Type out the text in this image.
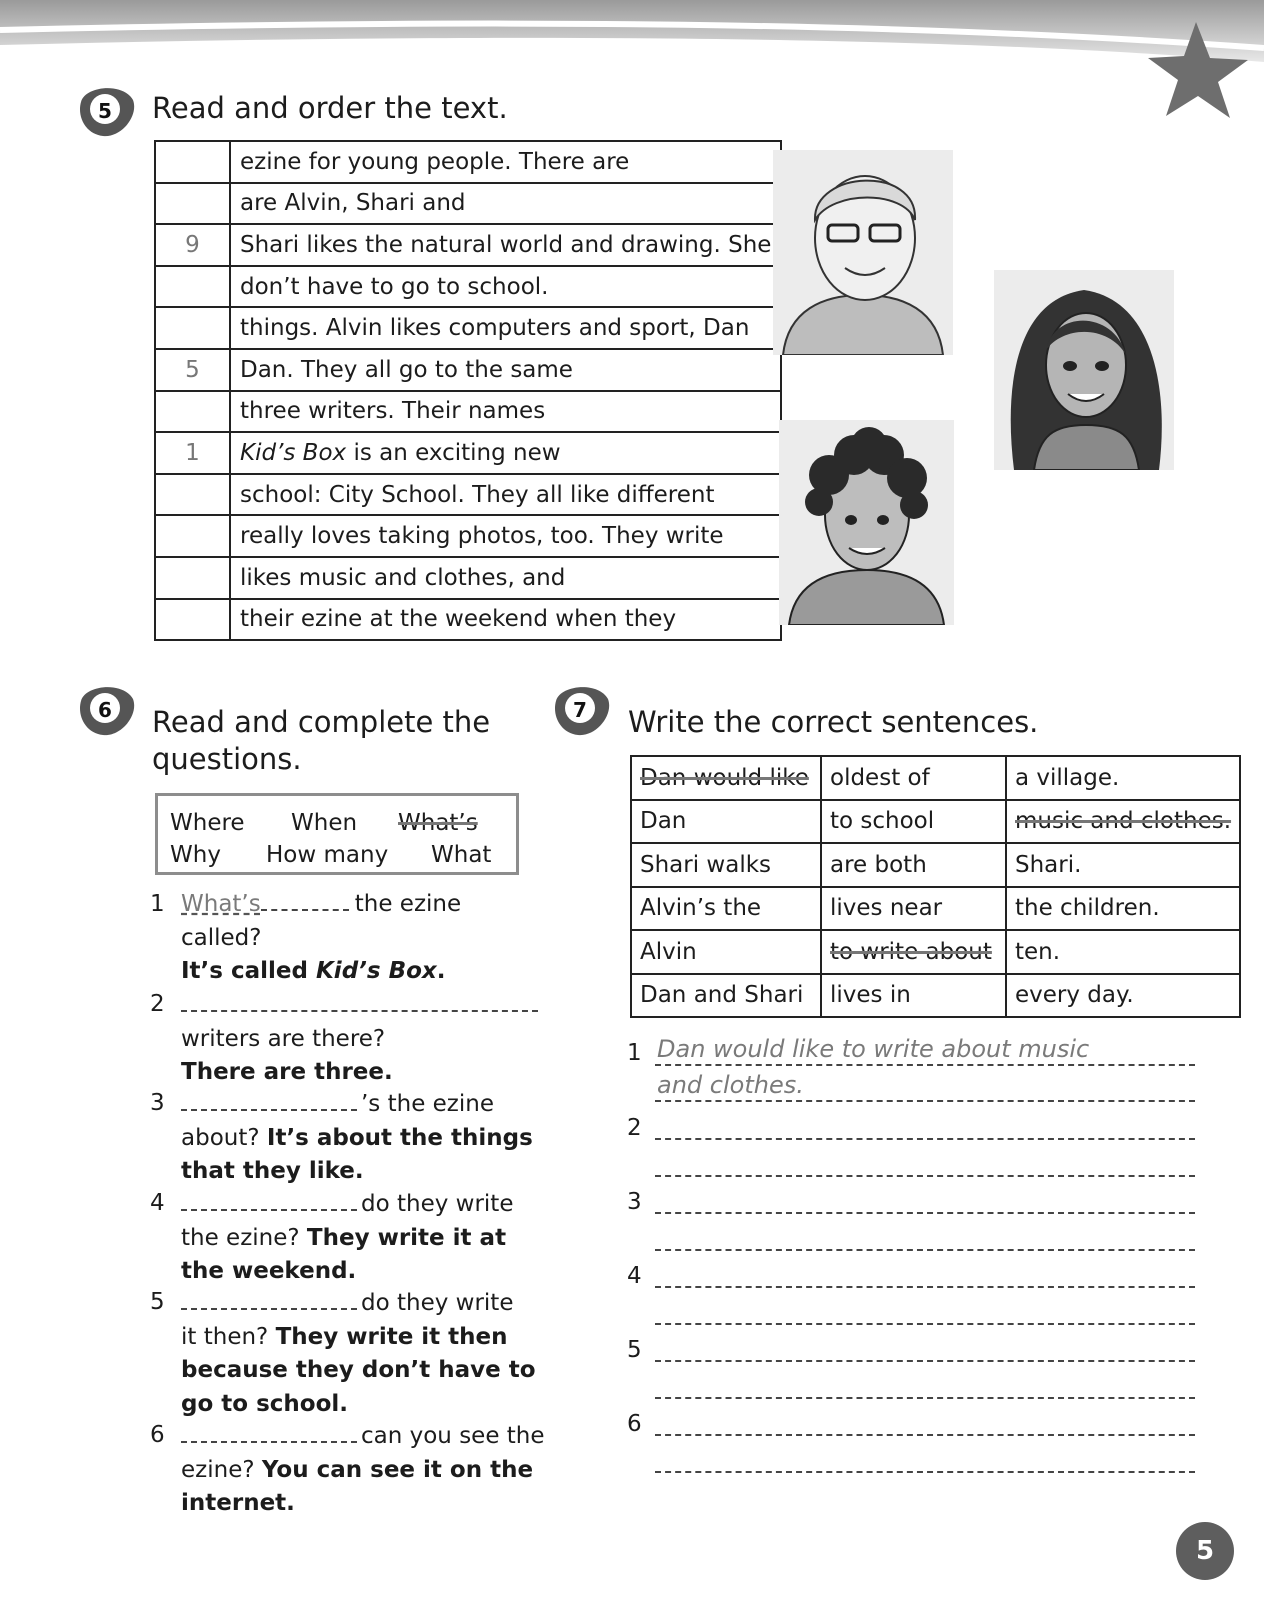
5	Read and order the text.
	ezine for young people. There are
	are Alvin, Shari and
9	Shari likes the natural world and drawing. She
	don’t have to go to school.
	things. Alvin likes computers and sport, Dan
5	Dan. They all go to the same
	three writers. Their names
1	Kid’s Box is an exciting new
	school: City School. They all like different
	really loves taking photos, too. They write
	likes music and clothes, and
	their ezine at the weekend when they
6	Read and complete the
questions.
Where When What’s
Why How many What
1 What’s	the ezine
called?
It’s called Kid’s Box.
2

writers are there?
There are three.
3	’s the ezine
about? It’s about the things
that they like.
4	do they write
the ezine? They write it at
the weekend.
5	do they write
it then? They write it then
because they don’t have to
go to school.
6	can you see the
ezine? You can see it on the
internet.
7	Write the correct sentences.
Dan would like	oldest of	a village.
Dan	to school	music and clothes.
Shari walks	are both	Shari.
Alvin’s the	lives near	the children.
Alvin	to write about	ten.
Dan and Shari	lives in	every day.
1 Dan would like to write about music
and clothes.
2
3
4
5
6
5
